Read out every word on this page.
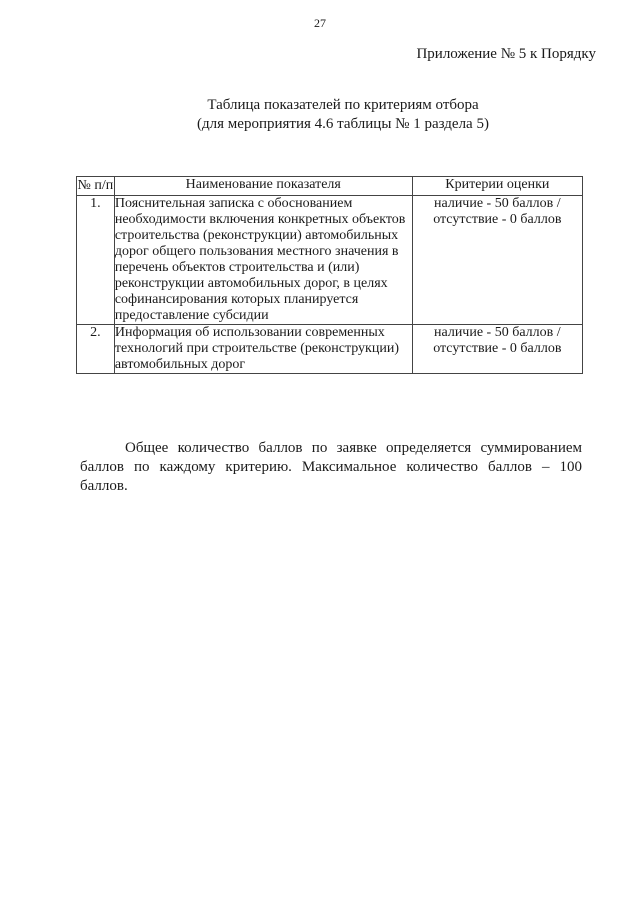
27
Приложение № 5 к Порядку
Таблица показателей по критериям отбора
(для мероприятия 4.6 таблицы № 1 раздела 5)
№ п/п	Наименование показателя	Критерии оценки
1.	Пояснительная записка с обоснованием необходимости включения конкретных объектов строительства (реконструкции) автомобильных дорог общего пользования местного значения в перечень объектов строительства и (или) реконструкции автомобильных дорог, в целях софинансирования которых планируется предоставление субсидии	наличие - 50 баллов / отсутствие - 0 баллов
2.	Информация об использовании современных технологий при строительстве (реконструкции) автомобильных дорог	наличие - 50 баллов / отсутствие - 0 баллов
Общее количество баллов по заявке определяется суммированием баллов по каждому критерию. Максимальное количество баллов – 100 баллов.
